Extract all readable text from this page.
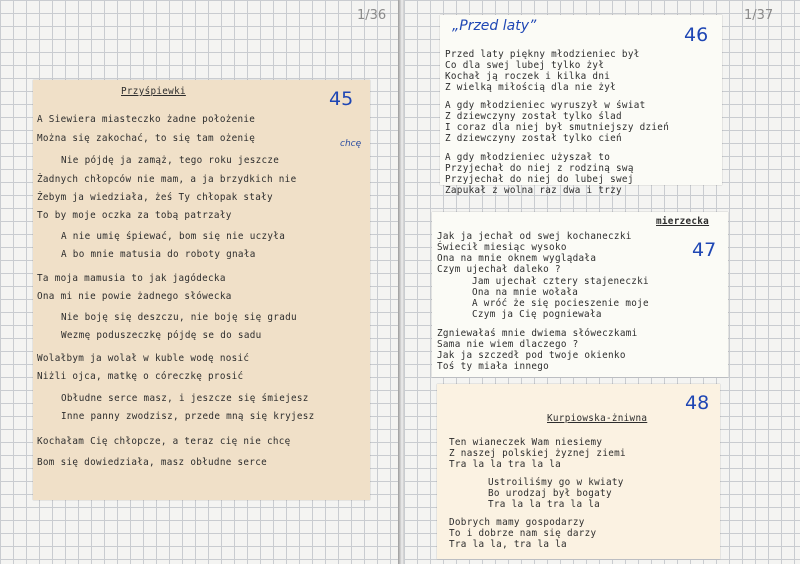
1/36
Przyśpiewki	45
A Siewiera miasteczko żadne położenie
Można się zakochać, to się tam ożenię	chcę
Nie pójdę ja zamąż, tego roku jeszcze
Żadnych chłopców nie mam, a ja brzydkich nie
Żebym ja wiedziała, żeś Ty chłopak stały
To by moje oczka za tobą patrzały
A nie umię śpiewać, bom się nie uczyła
A bo mnie matusia do roboty gnała
Ta moja mamusia to jak jagódecka
Ona mi nie powie żadnego słówecka
Nie boję się deszczu, nie boję się gradu
Wezmę poduszeczkę pójdę se do sadu
Wolałbym ja wolał w kuble wodę nosić
Niżli ojca, matkę o córeczkę prosić
Obłudne serce masz, i jeszcze się śmiejesz
Inne panny zwodzisz, przede mną się kryjesz
Kochałam Cię chłopcze, a teraz cię nie chcę
Bom się dowiedziała, masz obłudne serce
1/37
„Przed laty”	46
Przed laty piękny młodzieniec był
Co dla swej lubej tylko żył
Kochał ją roczek i kilka dni
Z wielką miłością dla nie żył
A gdy młodzieniec wyruszył w świat
Z dziewczyny został tylko ślad
I coraz dla niej był smutniejszy dzień
Z dziewczyny został tylko cień
A gdy młodzieniec użyszał to
Przyjechał do niej z rodziną swą
Przyjechał do niej do lubej swej
Zapukał z wolna raz dwa i trzy
mierzecka
47
Jak ja jechał od swej kochaneczki
Świecił miesiąc wysoko
Ona na mnie oknem wyglądała
Czym ujechał daleko ?
Jam ujechał cztery stajeneczki
Ona na mnie wołała
A wróć że się pocieszenie moje
Czym ja Cię pogniewała
Zgniewałaś mnie dwiema słóweczkami
Sama nie wiem dlaczego ?
Jak ja szczedł pod twoje okienko
Toś ty miała innego
48
Kurpiowska-żniwna
Ten wianeczek Wam niesiemy
Z naszej polskiej żyznej ziemi
Tra la la tra la la
Ustroiliśmy go w kwiaty
Bo urodzaj był bogaty
Tra la la tra la la
Dobrych mamy gospodarzy
To i dobrze nam się darzy
Tra la la, tra la la
